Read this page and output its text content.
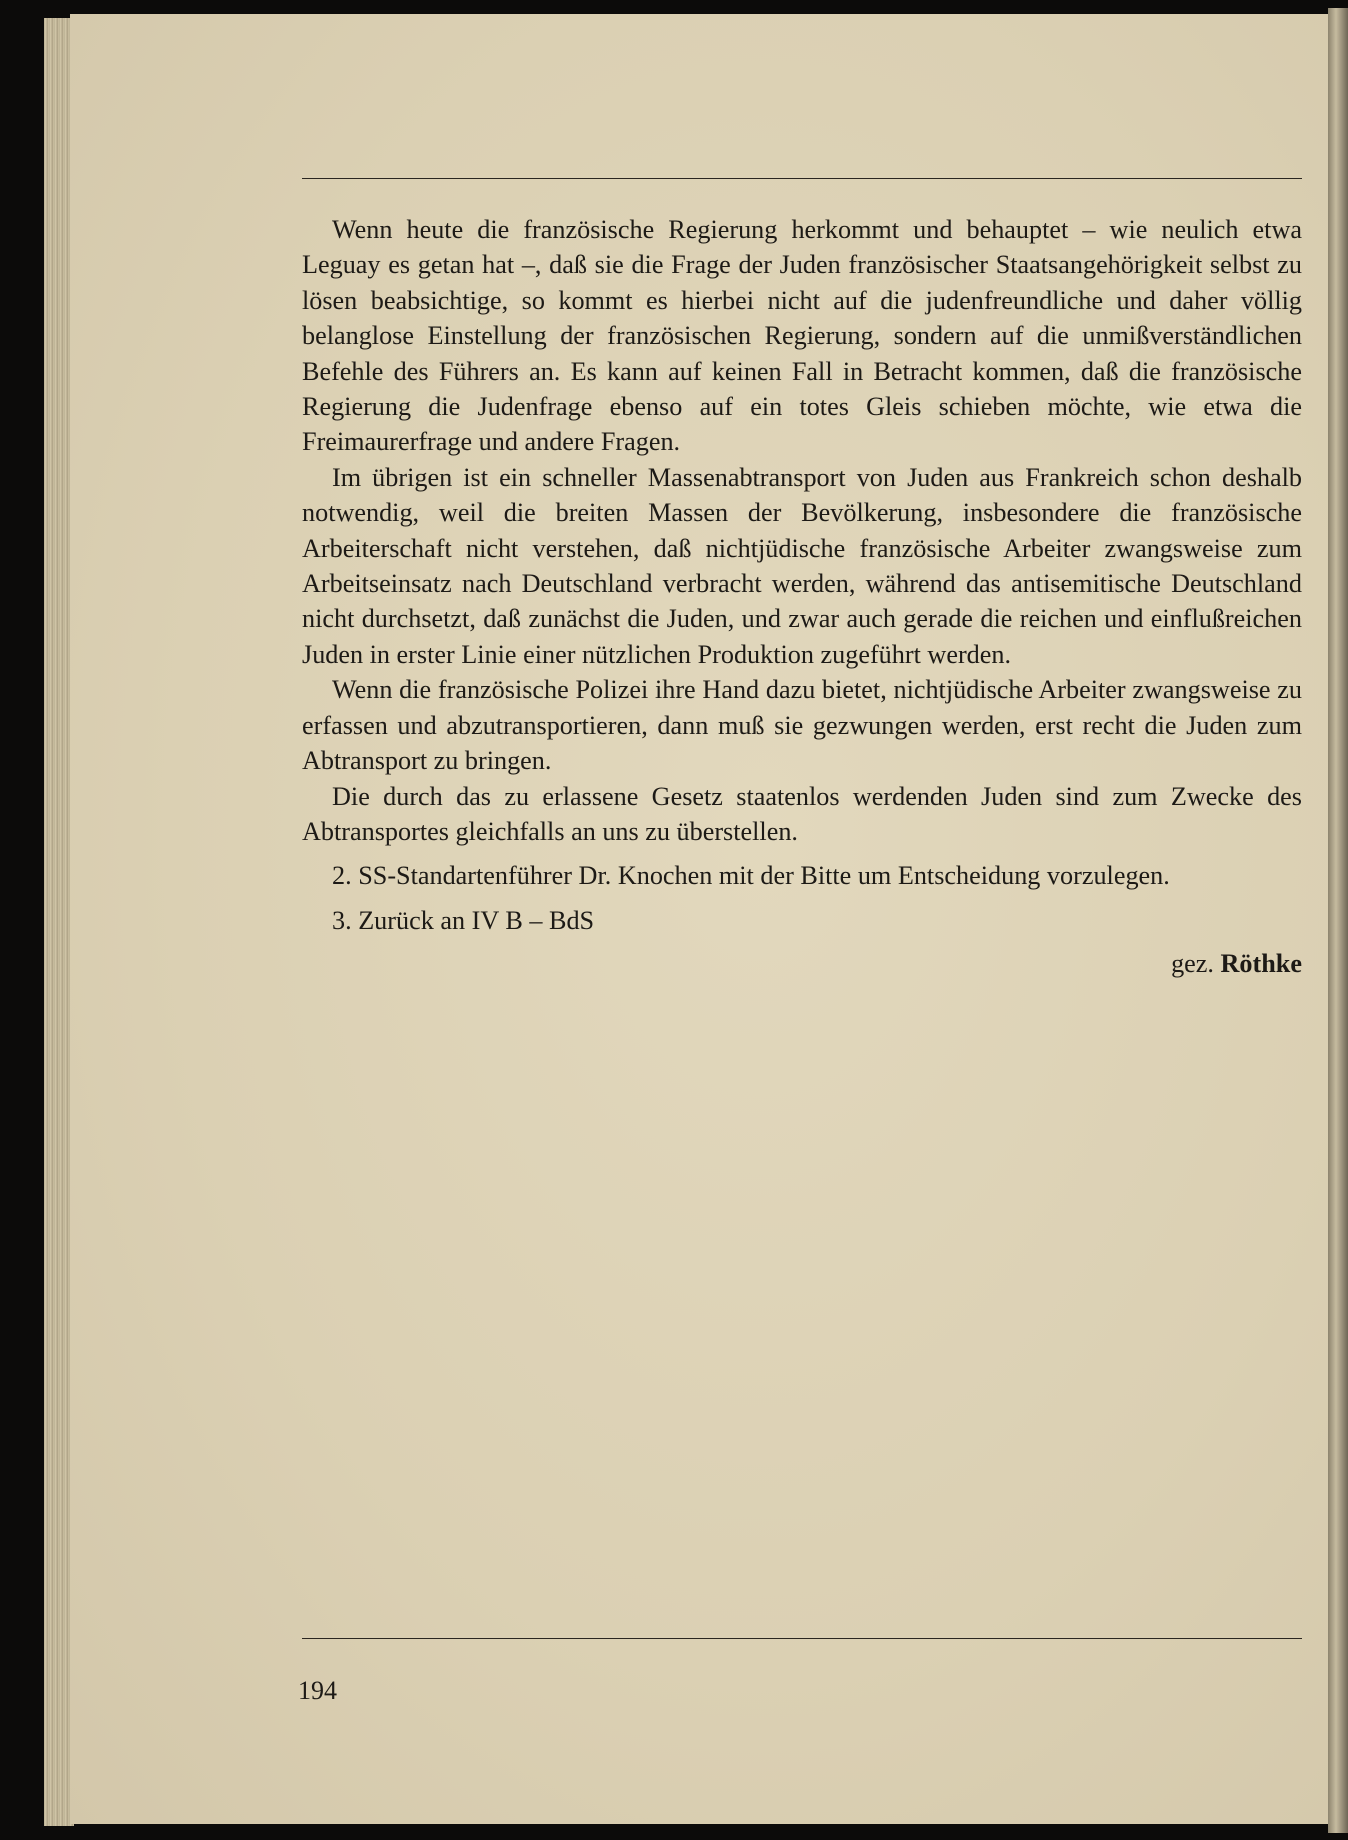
Wenn heute die französische Regierung herkommt und behauptet – wie neulich etwa Leguay es getan hat –, daß sie die Frage der Juden französischer Staatsangehörigkeit selbst zu lösen beabsichtige, so kommt es hierbei nicht auf die judenfreundliche und daher völlig belanglose Einstellung der französischen Regierung, sondern auf die unmißverständlichen Befehle des Führers an. Es kann auf keinen Fall in Betracht kommen, daß die französische Regierung die Judenfrage ebenso auf ein totes Gleis schieben möchte, wie etwa die Freimaurerfrage und andere Fragen.

Im übrigen ist ein schneller Massenabtransport von Juden aus Frankreich schon deshalb notwendig, weil die breiten Massen der Bevölkerung, insbesondere die französische Arbeiterschaft nicht verstehen, daß nichtjüdische französische Arbeiter zwangsweise zum Arbeitseinsatz nach Deutschland verbracht werden, während das antisemitische Deutschland nicht durchsetzt, daß zunächst die Juden, und zwar auch gerade die reichen und einflußreichen Juden in erster Linie einer nützlichen Produktion zugeführt werden.

Wenn die französische Polizei ihre Hand dazu bietet, nichtjüdische Arbeiter zwangsweise zu erfassen und abzutransportieren, dann muß sie gezwungen werden, erst recht die Juden zum Abtransport zu bringen.

Die durch das zu erlassene Gesetz staatenlos werdenden Juden sind zum Zwecke des Abtransportes gleichfalls an uns zu überstellen.

2. SS-Standartenführer Dr. Knochen mit der Bitte um Entscheidung vorzulegen.

3. Zurück an IV B – BdS

gez. Röthke
194
